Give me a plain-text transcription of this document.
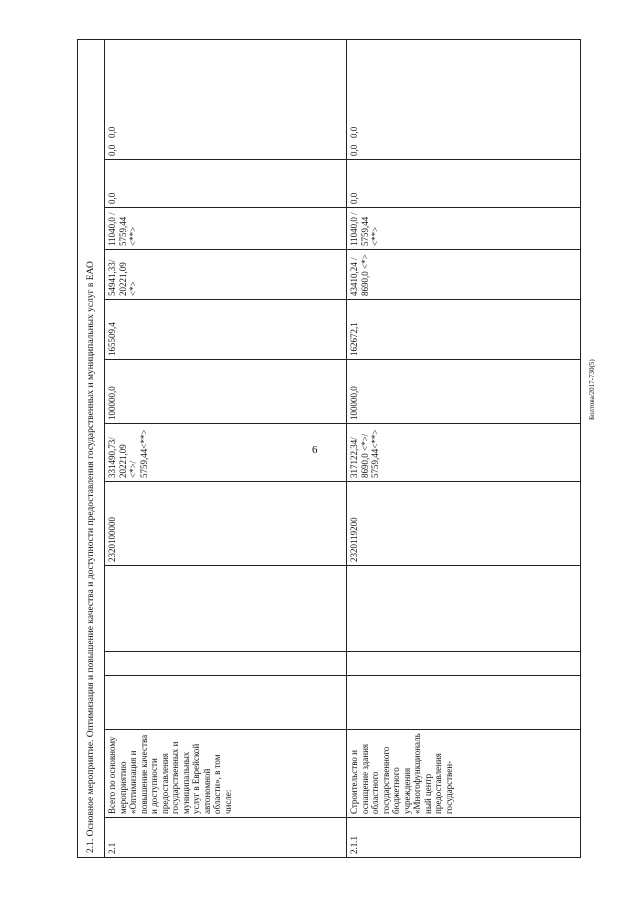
6
Болтова/2017-730(5)
2.1. Основное мероприятие. Оптимизация и повышение качества и доступности предоставления государственных и муниципальных услуг в ЕАО												
2.1	Всего по основному мероприятию «Оптимизация и повышение качества и доступности предоставления государственных и муниципальных услуг в Еврейской автономной области», в том числе:				2320100000	331490,73/ 20221,09 <*>/ 5759,44<**>	100000,0	165509,4	54941,33/ 20221,09 <*>	11040,0 / 5759,44 <**>	0,0	0,0   0,0
2.1.1	Строительство и оснащение здания областного государственного бюджетного учреждения «Многофункциональный центр предоставления государствен-				2320119200	317122,34/ 8690,0 <*>/ 5759,44<**>	100000,0	162672,1	43410,24 / 8690,0 <*>	11040,0 / 5759,44 <**>	0,0	0,0   0,0
